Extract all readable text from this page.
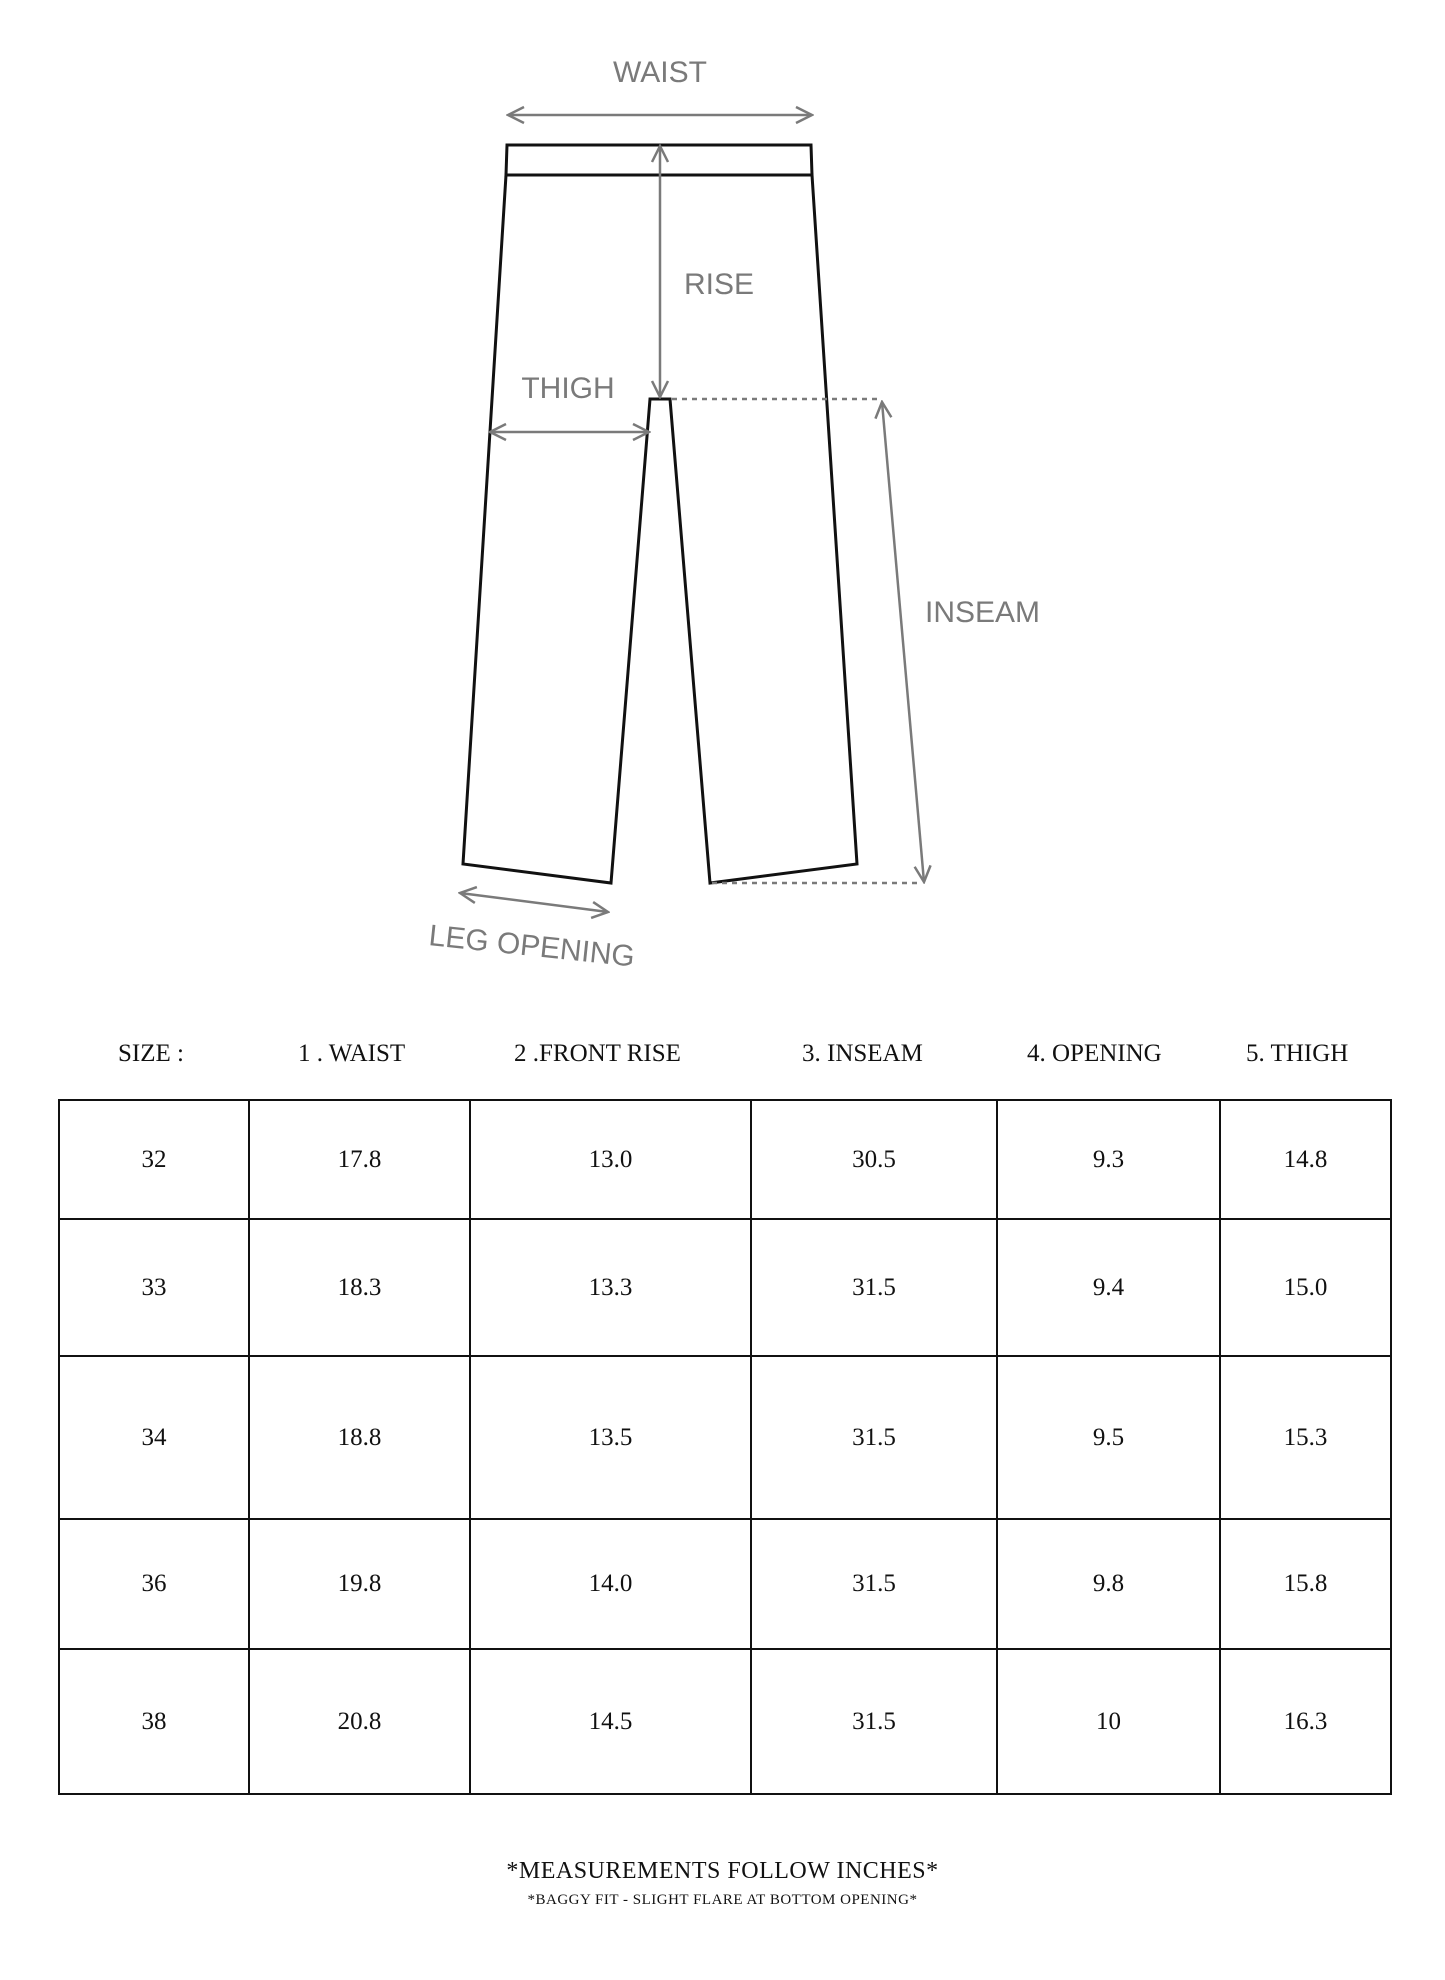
WAIST
RISE
THIGH
INSEAM
LEG OPENING
SIZE :	1 . WAIST	2 .FRONT RISE	3. INSEAM	4. OPENING	5. THIGH
32	17.8	13.0	30.5	9.3	14.8
33	18.3	13.3	31.5	9.4	15.0
34	18.8	13.5	31.5	9.5	15.3
36	19.8	14.0	31.5	9.8	15.8
38	20.8	14.5	31.5	10	16.3
*MEASUREMENTS FOLLOW INCHES*
*BAGGY FIT - SLIGHT FLARE AT BOTTOM OPENING*
